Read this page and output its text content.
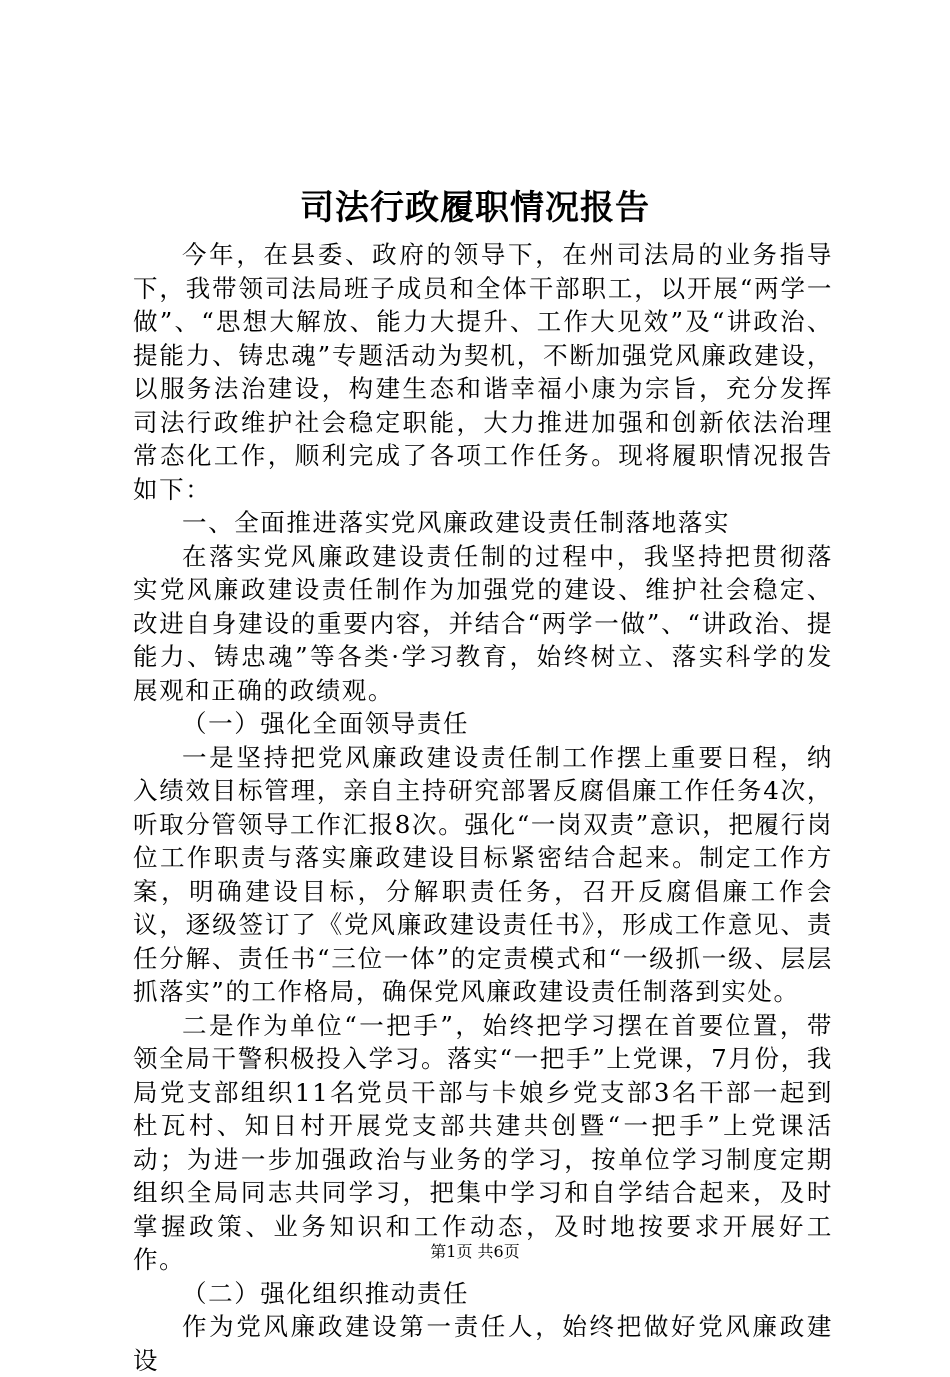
司法行政履职情况报告

今年，在县委、政府的领导下，在州司法局的业务指导下，我带领司法局班子成员和全体干部职工，以开展“两学一做”、“思想大解放、能力大提升、工作大见效”及“讲政治、提能力、铸忠魂”专题活动为契机，不断加强党风廉政建设，以服务法治建设，构建生态和谐幸福小康为宗旨，充分发挥司法行政维护社会稳定职能，大力推进加强和创新依法治理常态化工作，顺利完成了各项工作任务。现将履职情况报告如下：

一、全面推进落实党风廉政建设责任制落地落实

在落实党风廉政建设责任制的过程中，我坚持把贯彻落实党风廉政建设责任制作为加强党的建设、维护社会稳定、改进自身建设的重要内容，并结合“两学一做”、“讲政治、提能力、铸忠魂”等各类·学习教育，始终树立、落实科学的发展观和正确的政绩观。

（一）强化全面领导责任

一是坚持把党风廉政建设责任制工作摆上重要日程，纳入绩效目标管理，亲自主持研究部署反腐倡廉工作任务4次，听取分管领导工作汇报8次。强化“一岗双责”意识，把履行岗位工作职责与落实廉政建设目标紧密结合起来。制定工作方案，明确建设目标，分解职责任务，召开反腐倡廉工作会议，逐级签订了《党风廉政建设责任书》，形成工作意见、责任分解、责任书“三位一体”的定责模式和“一级抓一级、层层抓落实”的工作格局，确保党风廉政建设责任制落到实处。

二是作为单位“一把手”，始终把学习摆在首要位置，带领全局干警积极投入学习。落实“一把手”上党课，7月份，我局党支部组织11名党员干部与卡娘乡党支部3名干部一起到杜瓦村、知日村开展党支部共建共创暨“一把手”上党课活动；为进一步加强政治与业务的学习，按单位学习制度定期组织全局同志共同学习，把集中学习和自学结合起来，及时掌握政策、业务知识和工作动态，及时地按要求开展好工作。

（二）强化组织推动责任

作为党风廉政建设第一责任人，始终把做好党风廉政建设

第1页 共6页
